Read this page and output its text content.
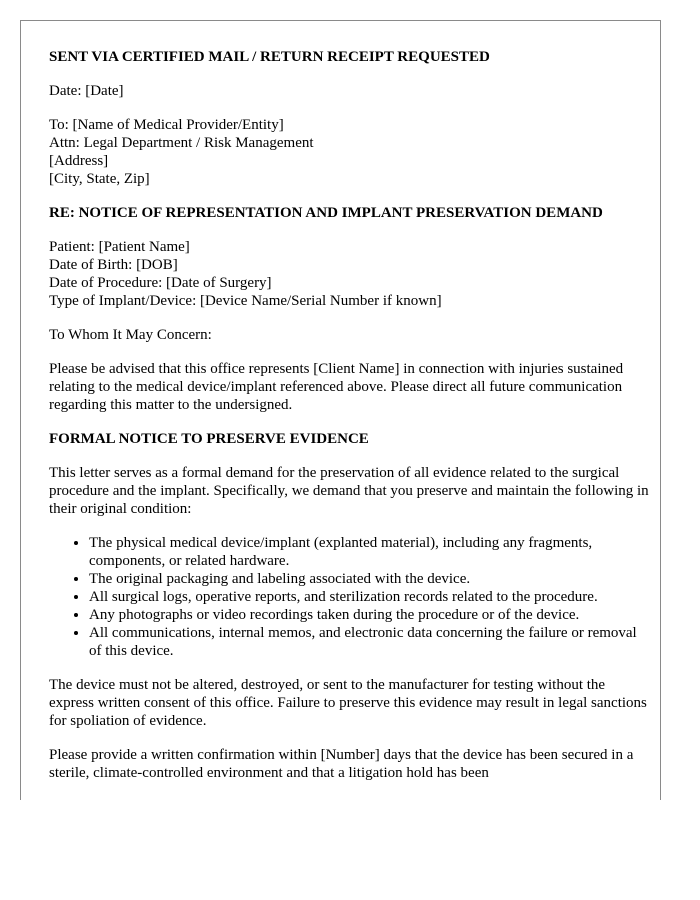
SENT VIA CERTIFIED MAIL / RETURN RECEIPT REQUESTED
Date: [Date]
To: [Name of Medical Provider/Entity]
Attn: Legal Department / Risk Management
[Address]
[City, State, Zip]
RE: NOTICE OF REPRESENTATION AND IMPLANT PRESERVATION DEMAND
Patient: [Patient Name]
Date of Birth: [DOB]
Date of Procedure: [Date of Surgery]
Type of Implant/Device: [Device Name/Serial Number if known]

To Whom It May Concern:

Please be advised that this office represents [Client Name] in connection with injuries sustained relating to the medical device/implant referenced above. Please direct all future communication regarding this matter to the undersigned.

FORMAL NOTICE TO PRESERVE EVIDENCE

This letter serves as a formal demand for the preservation of all evidence related to the surgical procedure and the implant. Specifically, we demand that you preserve and maintain the following in their original condition:

• The physical medical device/implant (explanted material), including any fragments, components, or related hardware.
• The original packaging and labeling associated with the device.
• All surgical logs, operative reports, and sterilization records related to the procedure.
• Any photographs or video recordings taken during the procedure or of the device.
• All communications, internal memos, and electronic data concerning the failure or removal of this device.

The device must not be altered, destroyed, or sent to the manufacturer for testing without the express written consent of this office. Failure to preserve this evidence may result in legal sanctions for spoliation of evidence.

Please provide a written confirmation within [Number] days that the device has been secured in a sterile, climate-controlled environment and that a litigation hold has been
